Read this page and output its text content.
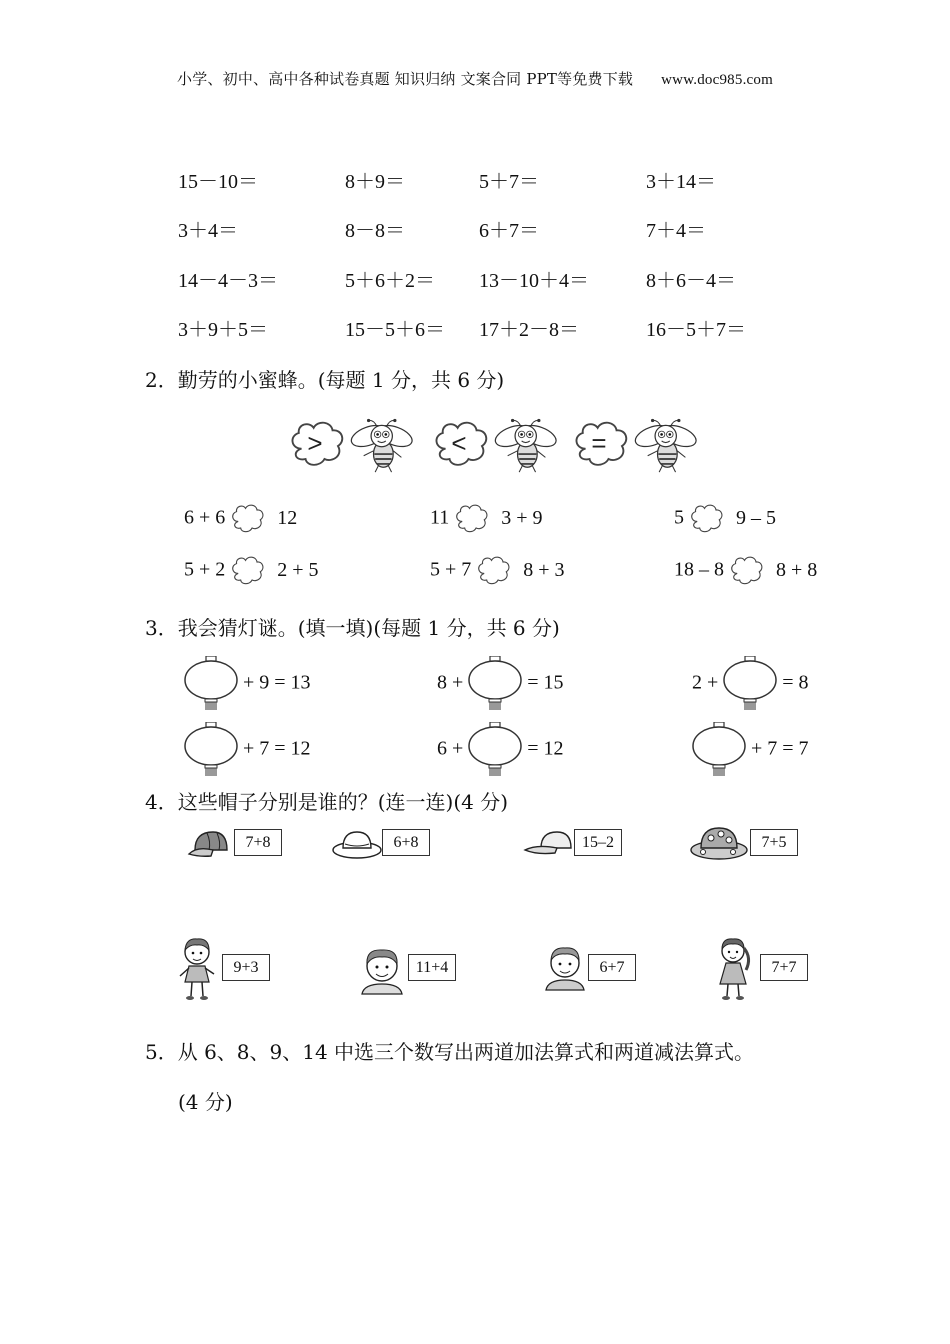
小学、初中、高中各种试卷真题 知识归纳 文案合同 PPT等免费下载 www.doc985.com
15－10＝	8＋9＝	5＋7＝	3＋14＝
3＋4＝	8－8＝	6＋7＝	7＋4＝
14－4－3＝	5＋6＋2＝ 13－10＋4＝	8＋6－4＝
3＋9＋5＝	15－5＋6＝ 17＋2－8＝	16－5＋7＝
2．勤劳的小蜜蜂。(每题 1 分，共 6 分)
>	<	=
6 + 6	12	11	3 + 9	5	9 – 5
5 + 2	2 + 5	5 + 7	8 + 3	18 – 8	8 + 8
3．我会猜灯谜。(填一填)(每题 1 分，共 6 分)
+ 9 = 13	8 +	= 15	2 +	= 8
+ 7 = 12	6 +	= 12	+ 7 = 7
4．这些帽子分别是谁的？(连一连)(4 分)
7+8	6+8	15–2	7+5
9+3	11+4	6+7	7+7
5．从 6、8、9、14 中选三个数写出两道加法算式和两道减法算式。
(4 分)
